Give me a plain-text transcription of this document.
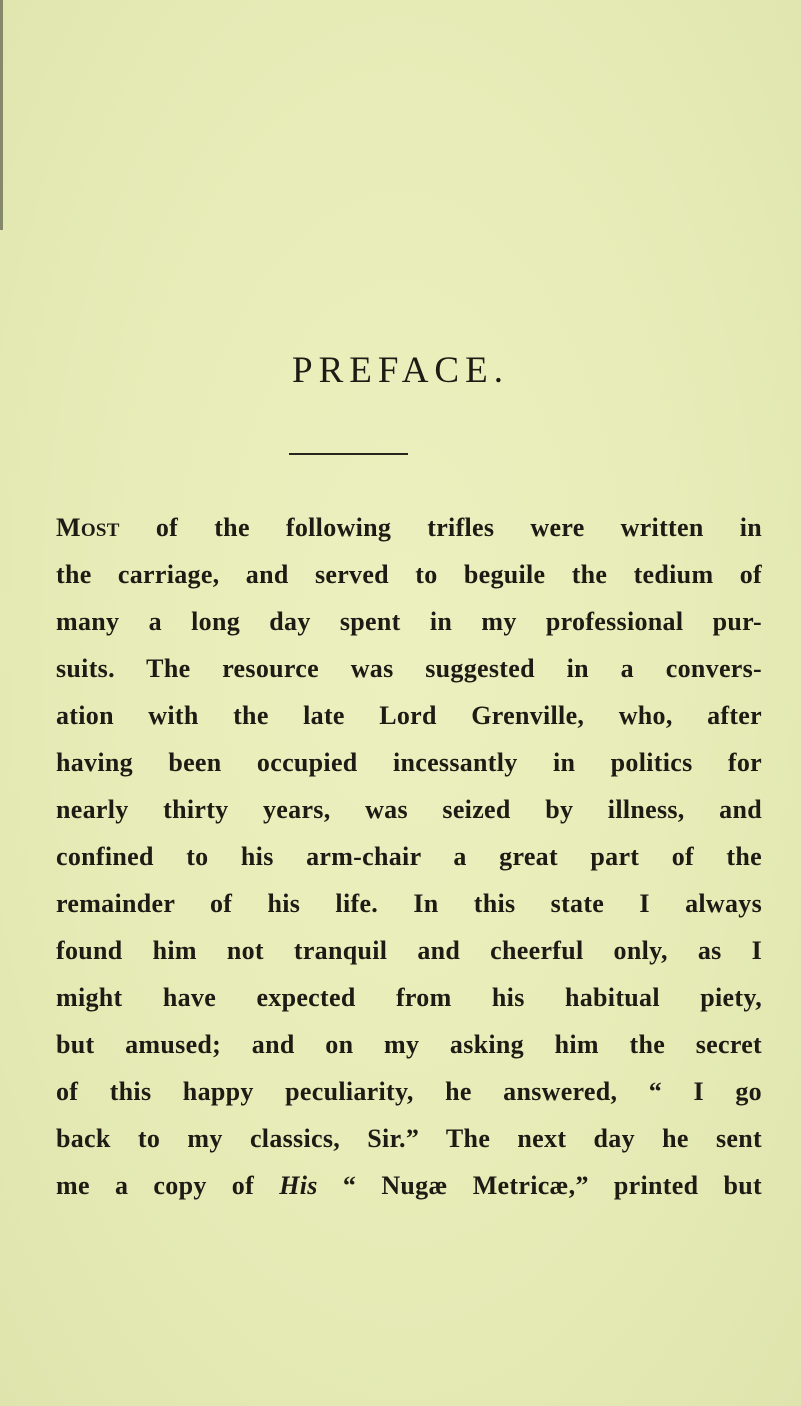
PREFACE.
MOST of the following trifles were written in
the carriage, and served to beguile the tedium of
many a long day spent in my professional pur-
suits. The resource was suggested in a convers-
ation with the late Lord Grenville, who, after
having been occupied incessantly in politics for
nearly thirty years, was seized by illness, and
confined to his arm-chair a great part of the
remainder of his life. In this state I always
found him not tranquil and cheerful only, as I
might have expected from his habitual piety,
but amused; and on my asking him the secret
of this happy peculiarity, he answered, “ I go
back to my classics, Sir.” The next day he sent
me a copy of His “ Nugæ Metricæ,” printed but
